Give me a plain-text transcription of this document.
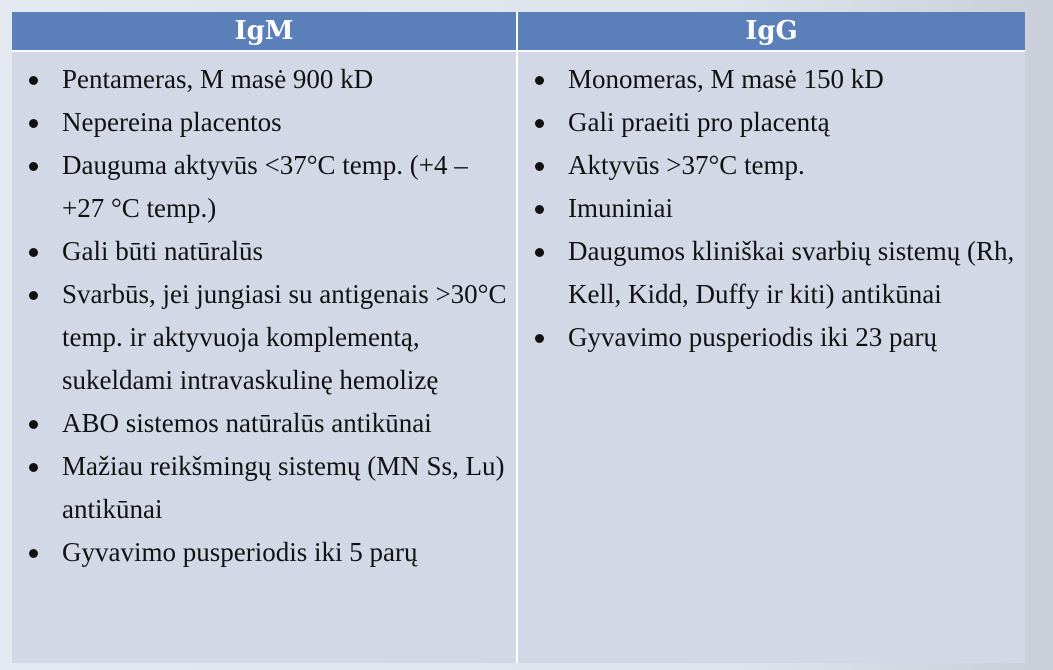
IgM	IgG
Pentameras, M masė 900 kD
Nepereina placentos
Dauguma aktyvūs <37°C temp. (+4 – +27 °C temp.)
Gali būti natūralūs
Svarbūs, jei jungiasi su antigenais >30°C temp. ir aktyvuoja komplementą, sukeldami intravaskulinę hemolizę
ABO sistemos natūralūs antikūnai
Mažiau reikšmingų sistemų (MN Ss, Lu) antikūnai
Gyvavimo pusperiodis iki 5 parų
Monomeras, M masė 150 kD
Gali praeiti pro placentą
Aktyvūs >37°C temp.
Imuniniai
Daugumos kliniškai svarbių sistemų (Rh, Kell, Kidd, Duffy ir kiti) antikūnai
Gyvavimo pusperiodis iki 23 parų
